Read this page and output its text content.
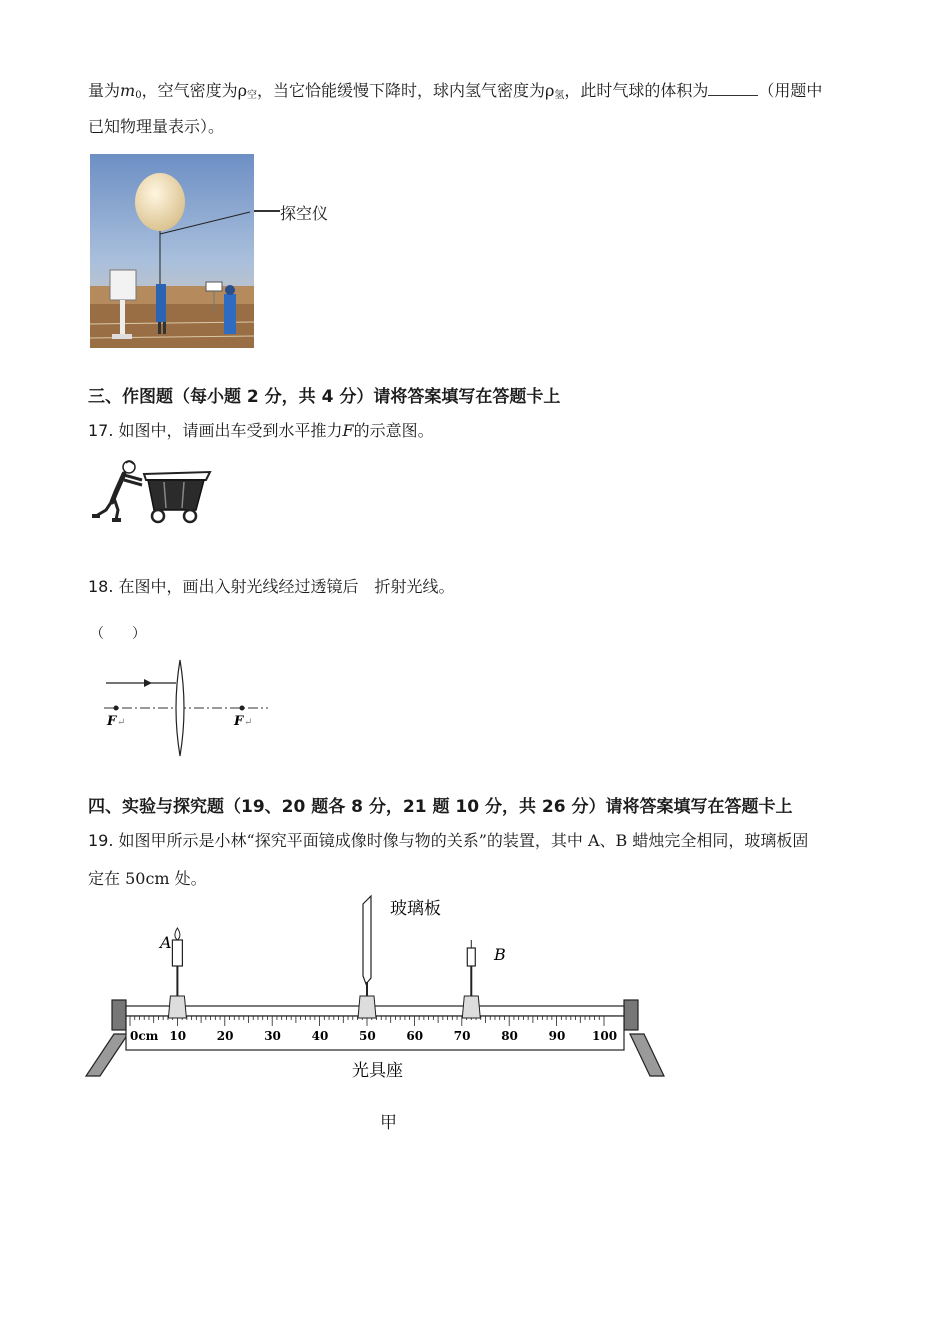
量为$m_0$，空气密度为$\rho_空$，当它恰能缓慢下降时，球内氢气密度为$\rho_氢$，此时气球的体积为	（用题中
已知物理量表示）。
探空仪
三、作图题（每小题 2 分，共 4 分）请将答案填写在答题卡上
17. 如图中，请画出车受到水平推力F的示意图。
18. 在图中，画出入射光线经过透镜后　折射光线。
（　　）
F ↵	F ↵
四、实验与探究题（19、20 题各 8 分，21 题 10 分，共 26 分）请将答案填写在答题卡上
19. 如图甲所示是小林“探究平面镜成像时像与物的关系”的装置，其中 A、B 蜡烛完全相同，玻璃板固
定在 50cm 处。
0cm 10	20	30	40	50	60	70	80	90 100
A
B
玻璃板
光具座
甲
